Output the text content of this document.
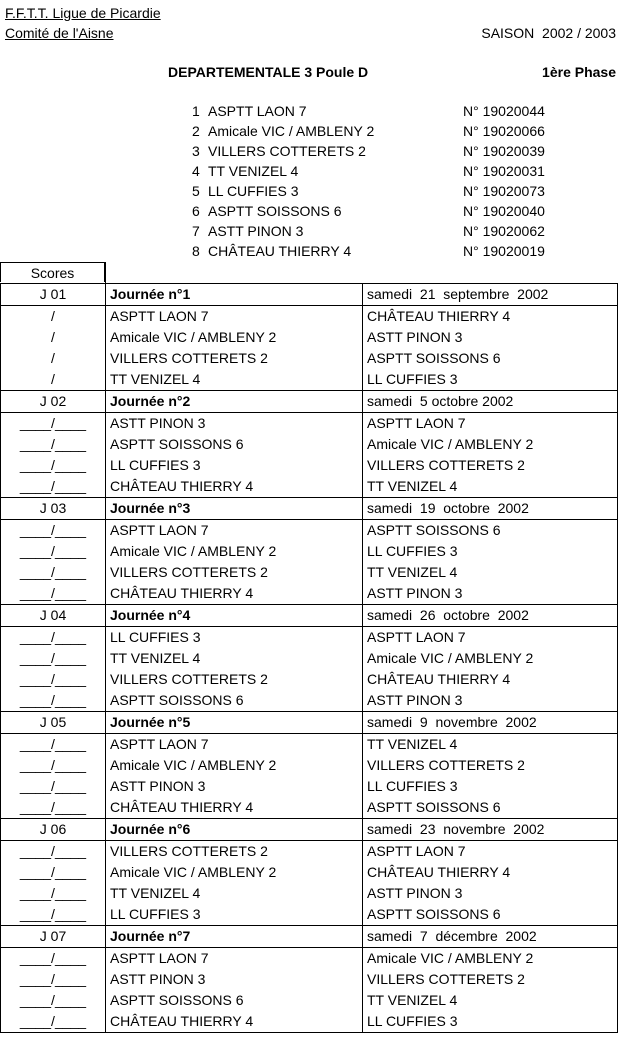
F.F.T.T. Ligue de Picardie
Comité de l'Aisne	SAISON  2002 / 2003
DEPARTEMENTALE 3 Poule D	1ère Phase
1 ASPTT LAON 7	N° 19020044
2 Amicale VIC / AMBLENY 2	N° 19020066
3 VILLERS COTTERETS 2	N° 19020039
4 TT VENIZEL 4	N° 19020031
5 LL CUFFIES 3	N° 19020073
6 ASPTT SOISSONS 6	N° 19020040
7 ASTT PINON 3	N° 19020062
8 CHÂTEAU THIERRY 4	N° 19020019
Scores
J 01	Journée n°1	samedi  21  septembre  2002
/	ASPTT LAON 7	CHÂTEAU THIERRY 4
/	Amicale VIC / AMBLENY 2	ASTT PINON 3
/	VILLERS COTTERETS 2	ASPTT SOISSONS 6
/	TT VENIZEL 4	LL CUFFIES 3
J 02	Journée n°2	samedi  5 octobre 2002
____/____	ASTT PINON 3	ASPTT LAON 7
____/____	ASPTT SOISSONS 6	Amicale VIC / AMBLENY 2
____/____	LL CUFFIES 3	VILLERS COTTERETS 2
____/____	CHÂTEAU THIERRY 4	TT VENIZEL 4
J 03	Journée n°3	samedi  19  octobre  2002
____/____	ASPTT LAON 7	ASPTT SOISSONS 6
____/____	Amicale VIC / AMBLENY 2	LL CUFFIES 3
____/____	VILLERS COTTERETS 2	TT VENIZEL 4
____/____	CHÂTEAU THIERRY 4	ASTT PINON 3
J 04	Journée n°4	samedi  26  octobre  2002
____/____	LL CUFFIES 3	ASPTT LAON 7
____/____	TT VENIZEL 4	Amicale VIC / AMBLENY 2
____/____	VILLERS COTTERETS 2	CHÂTEAU THIERRY 4
____/____	ASPTT SOISSONS 6	ASTT PINON 3
J 05	Journée n°5	samedi  9  novembre  2002
____/____	ASPTT LAON 7	TT VENIZEL 4
____/____	Amicale VIC / AMBLENY 2	VILLERS COTTERETS 2
____/____	ASTT PINON 3	LL CUFFIES 3
____/____	CHÂTEAU THIERRY 4	ASPTT SOISSONS 6
J 06	Journée n°6	samedi  23  novembre  2002
____/____	VILLERS COTTERETS 2	ASPTT LAON 7
____/____	Amicale VIC / AMBLENY 2	CHÂTEAU THIERRY 4
____/____	TT VENIZEL 4	ASTT PINON 3
____/____	LL CUFFIES 3	ASPTT SOISSONS 6
J 07	Journée n°7	samedi  7  décembre  2002
____/____	ASPTT LAON 7	Amicale VIC / AMBLENY 2
____/____	ASTT PINON 3	VILLERS COTTERETS 2
____/____	ASPTT SOISSONS 6	TT VENIZEL 4
____/____	CHÂTEAU THIERRY 4	LL CUFFIES 3
